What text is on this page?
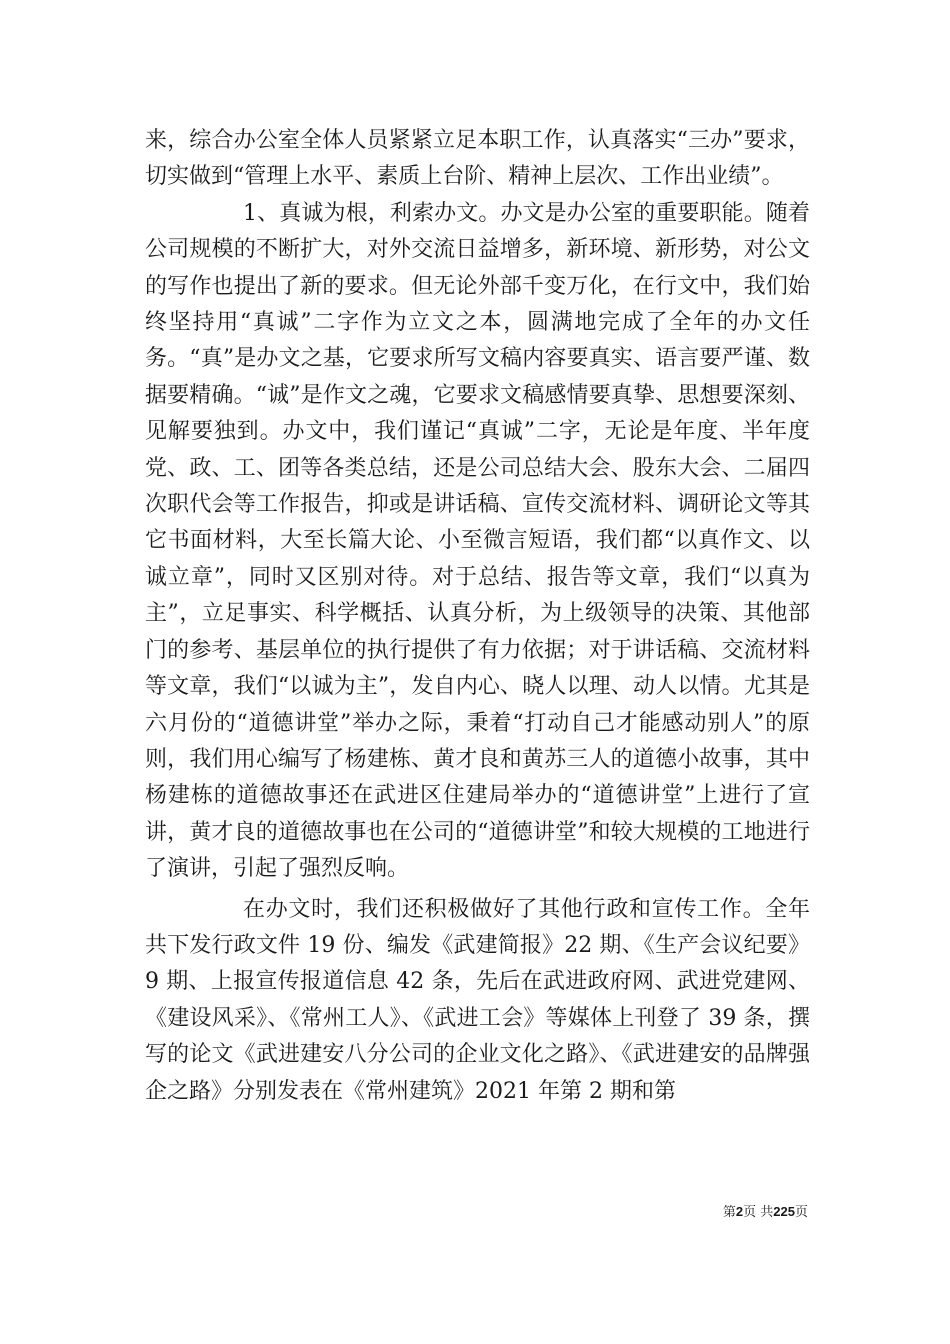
来，综合办公室全体人员紧紧立足本职工作，认真落实“三办”要求，切实做到“管理上水平、素质上台阶、精神上层次、工作出业绩”。

1、真诚为根，利索办文。办文是办公室的重要职能。随着公司规模的不断扩大，对外交流日益增多，新环境、新形势，对公文的写作也提出了新的要求。但无论外部千变万化，在行文中，我们始终坚持用“真诚”二字作为立文之本，圆满地完成了全年的办文任务。“真”是办文之基，它要求所写文稿内容要真实、语言要严谨、数据要精确。“诚”是作文之魂，它要求文稿感情要真挚、思想要深刻、见解要独到。办文中，我们谨记“真诚”二字，无论是年度、半年度党、政、工、团等各类总结，还是公司总结大会、股东大会、二届四次职代会等工作报告，抑或是讲话稿、宣传交流材料、调研论文等其它书面材料，大至长篇大论、小至微言短语，我们都“以真作文、以诚立章”，同时又区别对待。对于总结、报告等文章，我们“以真为主”，立足事实、科学概括、认真分析，为上级领导的决策、其他部门的参考、基层单位的执行提供了有力依据；对于讲话稿、交流材料等文章，我们“以诚为主”，发自内心、晓人以理、动人以情。尤其是六月份的“道德讲堂”举办之际，秉着“打动自己才能感动别人”的原则，我们用心编写了杨建栋、黄才良和黄苏三人的道德小故事，其中杨建栋的道德故事还在武进区住建局举办的“道德讲堂”上进行了宣讲，黄才良的道德故事也在公司的“道德讲堂”和较大规模的工地进行了演讲，引起了强烈反响。

在办文时，我们还积极做好了其他行政和宣传工作。全年共下发行政文件 19 份、编发《武建简报》22 期、《生产会议纪要》9 期、上报宣传报道信息 42 条，先后在武进政府网、武进党建网、《建设风采》、《常州工人》、《武进工会》等媒体上刊登了 39 条，撰写的论文《武进建安八分公司的企业文化之路》、《武进建安的品牌强企之路》分别发表在《常州建筑》2021 年第 2 期和第

第2页 共225页
